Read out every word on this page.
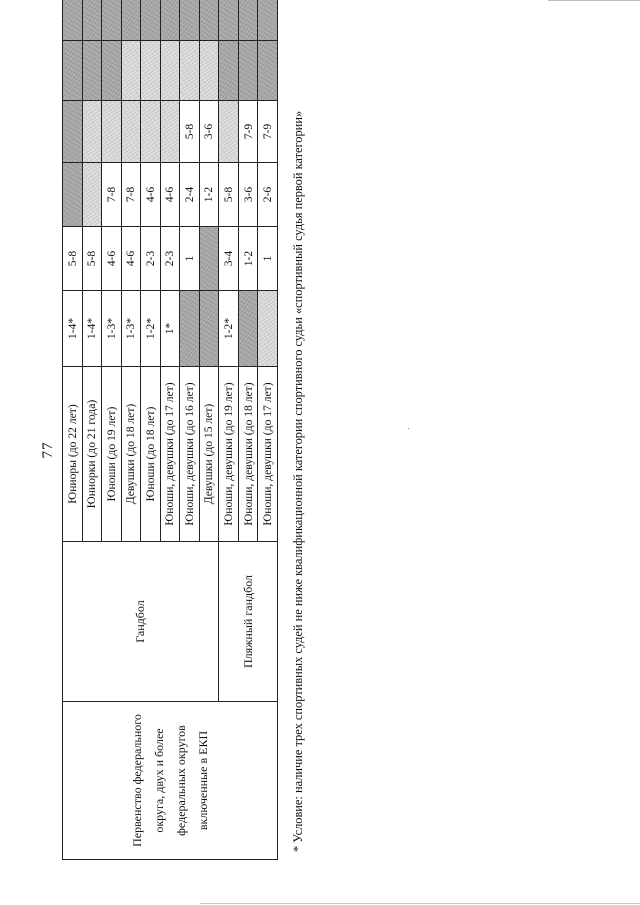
77
Первенство федерального округа, двух и более федеральных округов включенные в ЕКП	Гандбол	Юниоры (до 22 лет)	1-4*	5-8				
		Юниорки (до 21 года)	1-4*	5-8				
		Юноши (до 19 лет)	1-3*	4-6	7-8			
		Девушки (до 18 лет)	1-3*	4-6	7-8			
		Юноши (до 18 лет)	1-2*	2-3	4-6			
		Юноши, девушки (до 17 лет)	1*	2-3	4-6			
		Юноши, девушки (до 16 лет)		1	2-4	5-8		
		Девушки (до 15 лет)			1-2	3-6		
	Пляжный гандбол	Юноши, девушки (до 19 лет)	1-2*	3-4	5-8			
		Юноши, девушки (до 18 лет)		1-2	3-6	7-9		
		Юноши, девушки (до 17 лет)		1	2-6	7-9		* Условие: наличие трех спортивных судей не ниже квалификационной категории спортивного судьи «спортивный судья первой категории»
